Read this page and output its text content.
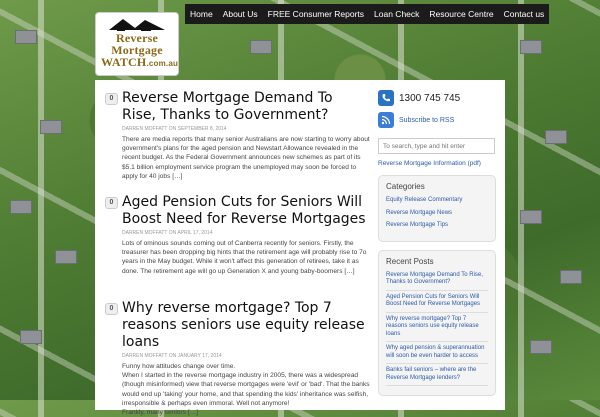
Reverse
Mortgage
WATCH.com.au
Home	About Us	FREE Consumer Reports	Loan Check	Resource Centre	Contact us
0 Reverse Mortgage Demand To Rise, Thanks to Government?
DARREN MOFFATT ON SEPTEMBER 8, 2014
There are media reports that many senior Australians are now starting to worry about government's plans for the aged pension and Newstart Allowance revealed in the recent budget. As the Federal Government announces new schemes as part of its $5.1 billion employment service program the unemployed may soon be forced to apply for 40 jobs […]
0 Aged Pension Cuts for Seniors Will Boost Need for Reverse Mortgages
DARREN MOFFATT ON APRIL 17, 2014
Lots of ominous sounds coming out of Canberra recently for seniors. Firstly, the treasurer has been dropping big hints that the retirement age will probably rise to 7o years in the May budget. While it won't affect this generation of retirees, take it as done. The retirement age will go up Generation X and young baby-boomers […]
0 Why reverse mortgage? Top 7 reasons seniors use equity release loans
DARREN MOFFATT ON JANUARY 17, 2014
Funny how attitudes change over time.
When I started in the reverse mortgage industry in 2005, there was a widespread (though misinformed) view that reverse mortgages were 'evil' or 'bad'. That the banks would end up 'taking' your home, and that spending the kids' inheritance was selfish, irresponsible & perhaps even immoral. Well not anymore!
Frankly, many seniors […]
1300 745 745
Subscribe to RSS
To search, type and hit enter
Reverse Mortgage Information (pdf)
Categories
Equity Release Commentary
Reverse Mortgage News
Reverse Mortgage Tips
Recent Posts
Reverse Mortgage Demand To Rise, Thanks to Government?
Aged Pension Cuts for Seniors Will Boost Need for Reverse Mortgages
Why reverse mortgage? Top 7 reasons seniors use equity release loans
Why aged pension & superannuation will soon be even harder to access
Banks fail seniors – where are the Reverse Mortgage lenders?
